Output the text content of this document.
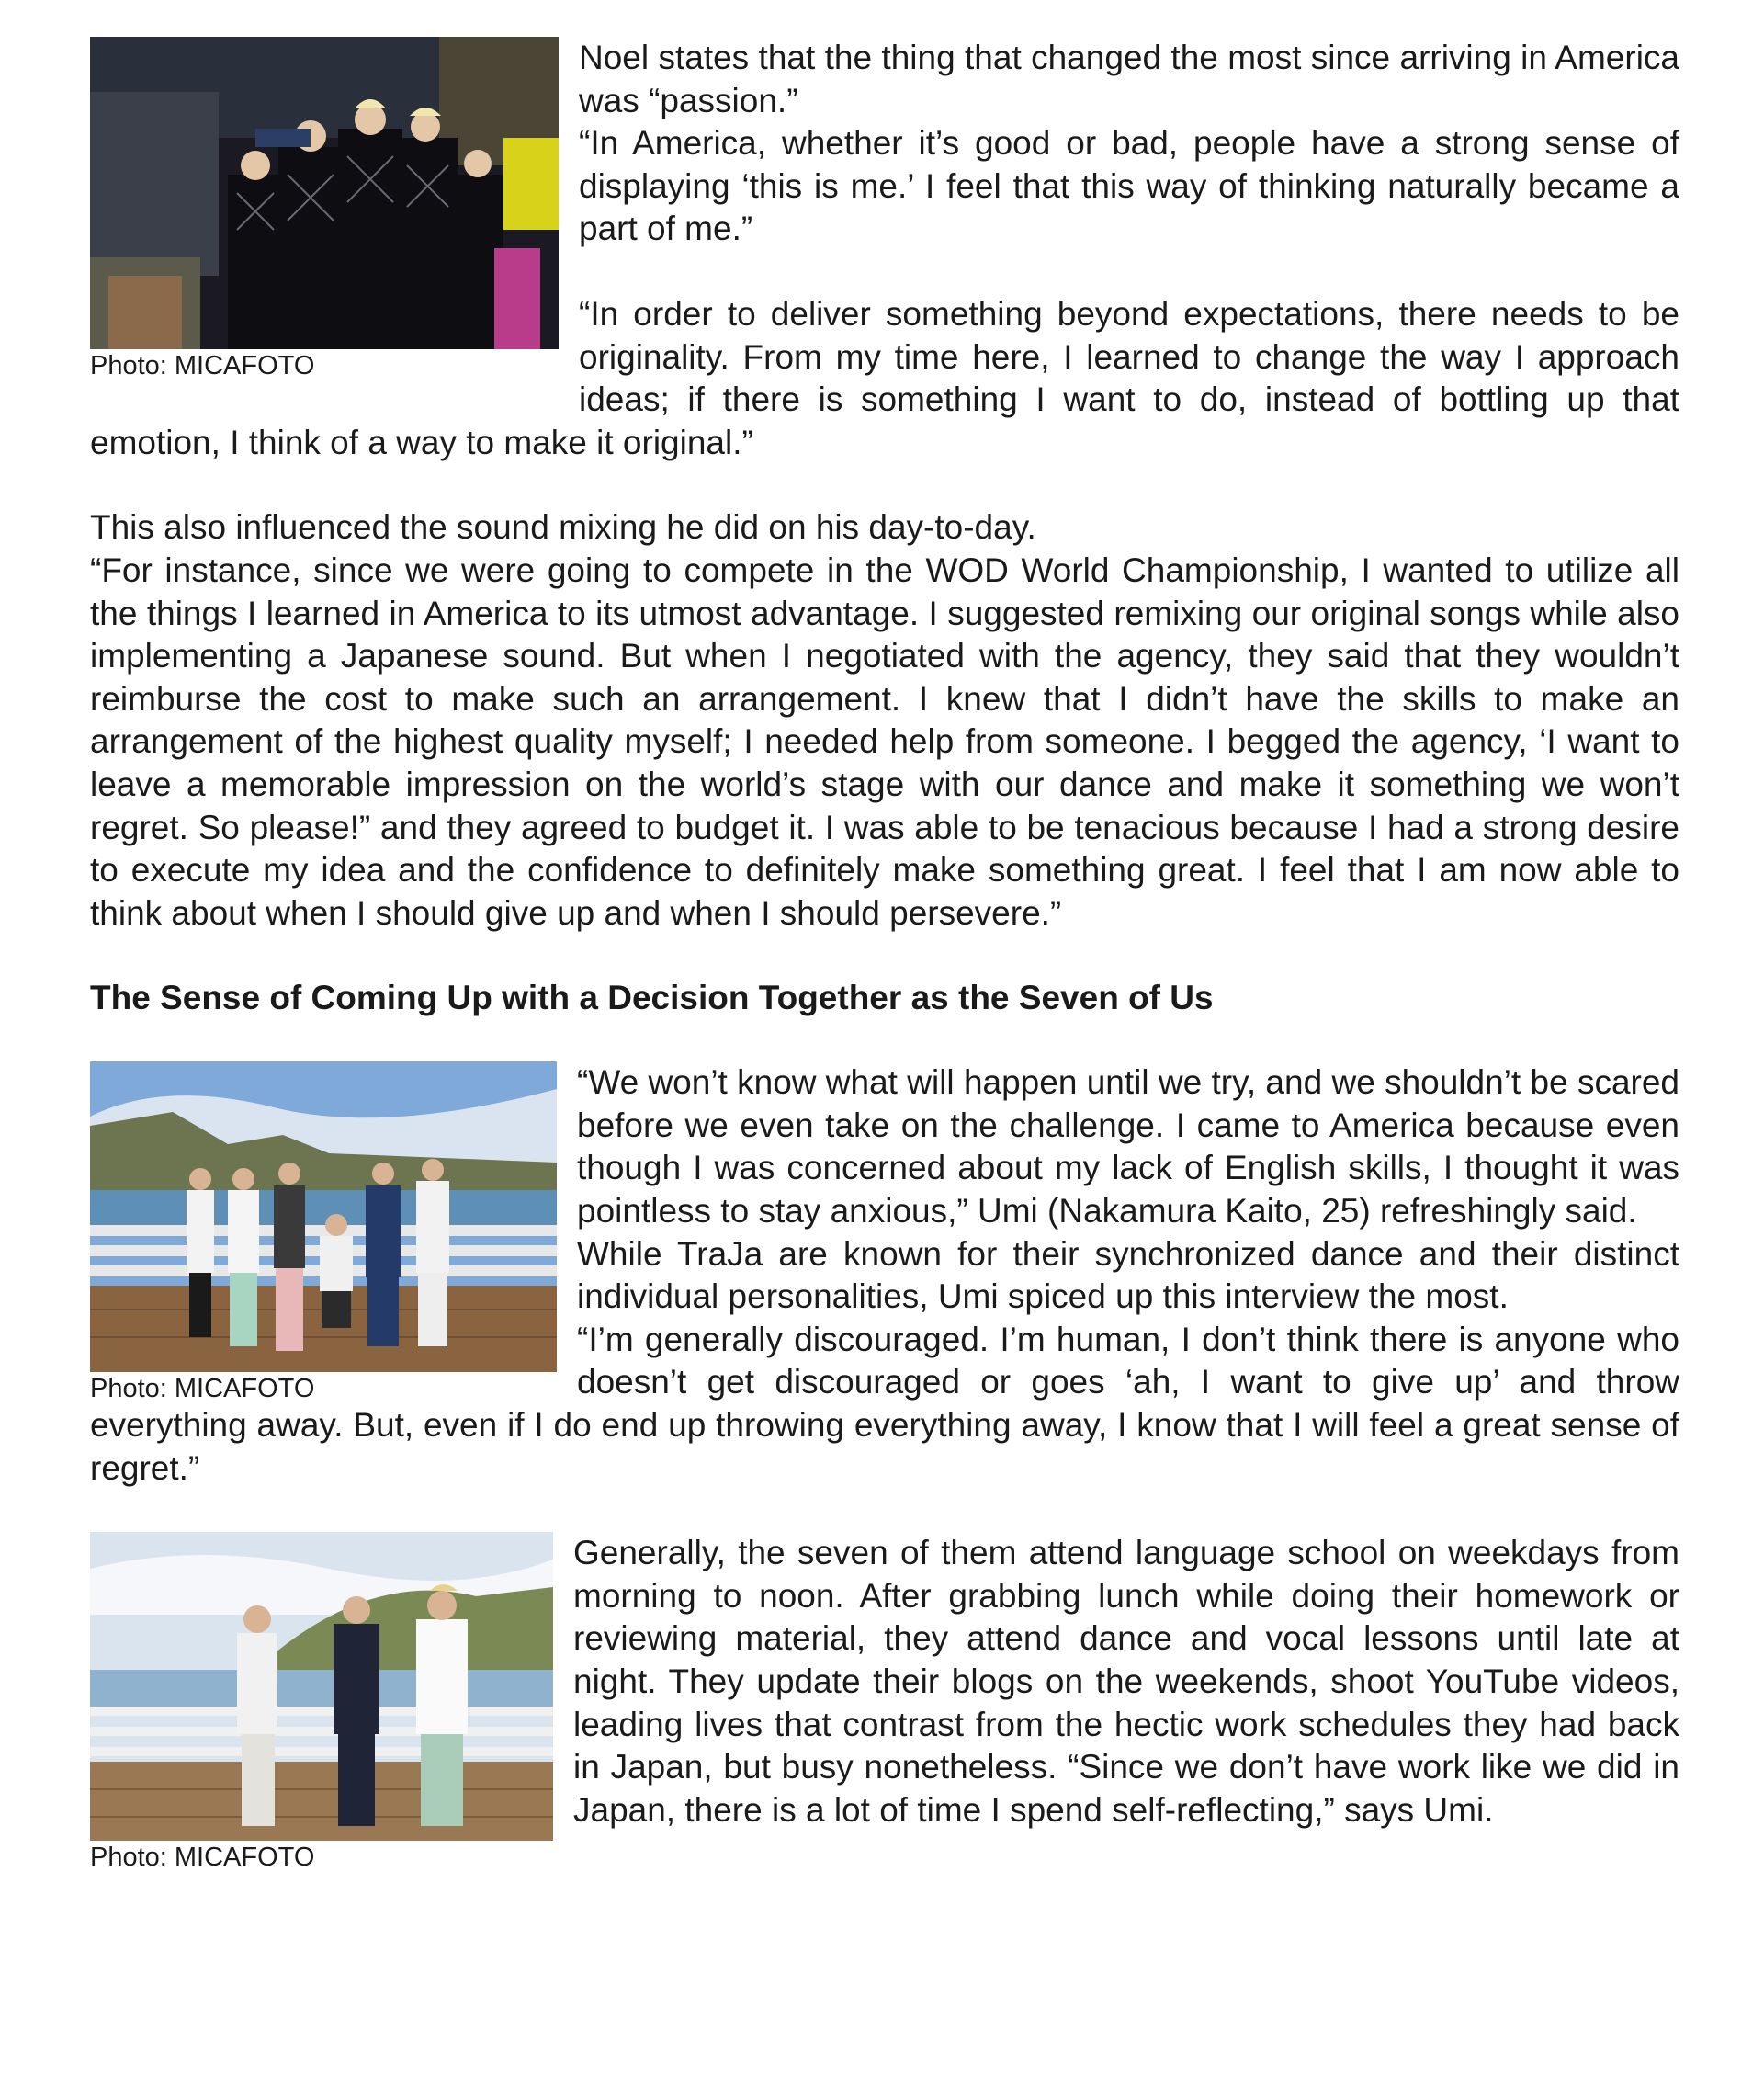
Photo: MICAFOTO

Noel states that the thing that changed the most since arriving in America was “passion.”

“In America, whether it’s good or bad, people have a strong sense of displaying ‘this is me.’ I feel that this way of thinking naturally became a part of me.”

“In order to deliver something beyond expectations, there needs to be originality. From my time here, I learned to change the way I approach ideas; if there is something I want to do, instead of bottling up that emotion, I think of a way to make it original.”

This also influenced the sound mixing he did on his day-to-day.

“For instance, since we were going to compete in the WOD World Championship, I wanted to utilize all the things I learned in America to its utmost advantage. I suggested remixing our original songs while also implementing a Japanese sound. But when I negotiated with the agency, they said that they wouldn’t reimburse the cost to make such an arrangement. I knew that I didn’t have the skills to make an arrangement of the highest quality myself; I needed help from someone. I begged the agency, ‘I want to leave a memorable impression on the world’s stage with our dance and make it something we won’t regret. So please!” and they agreed to budget it. I was able to be tenacious because I had a strong desire to execute my idea and the confidence to definitely make something great. I feel that I am now able to think about when I should give up and when I should persevere.”

The Sense of Coming Up with a Decision Together as the Seven of Us
Photo: MICAFOTO

“We won’t know what will happen until we try, and we shouldn’t be scared before we even take on the challenge. I came to America because even though I was concerned about my lack of English skills, I thought it was pointless to stay anxious,” Umi (Nakamura Kaito, 25) refreshingly said.

While TraJa are known for their synchronized dance and their distinct individual personalities, Umi spiced up this interview the most.

“I’m generally discouraged. I’m human, I don’t think there is anyone who doesn’t get discouraged or goes ‘ah, I want to give up’ and throw everything away. But, even if I do end up throwing everything away, I know that I will feel a great sense of regret.”

Photo: MICAFOTO

Generally, the seven of them attend language school on weekdays from morning to noon. After grabbing lunch while doing their homework or reviewing material, they attend dance and vocal lessons until late at night. They update their blogs on the weekends, shoot YouTube videos, leading lives that contrast from the hectic work schedules they had back in Japan, but busy nonetheless. “Since we don’t have work like we did in Japan, there is a lot of time I spend self-reflecting,” says Umi.
